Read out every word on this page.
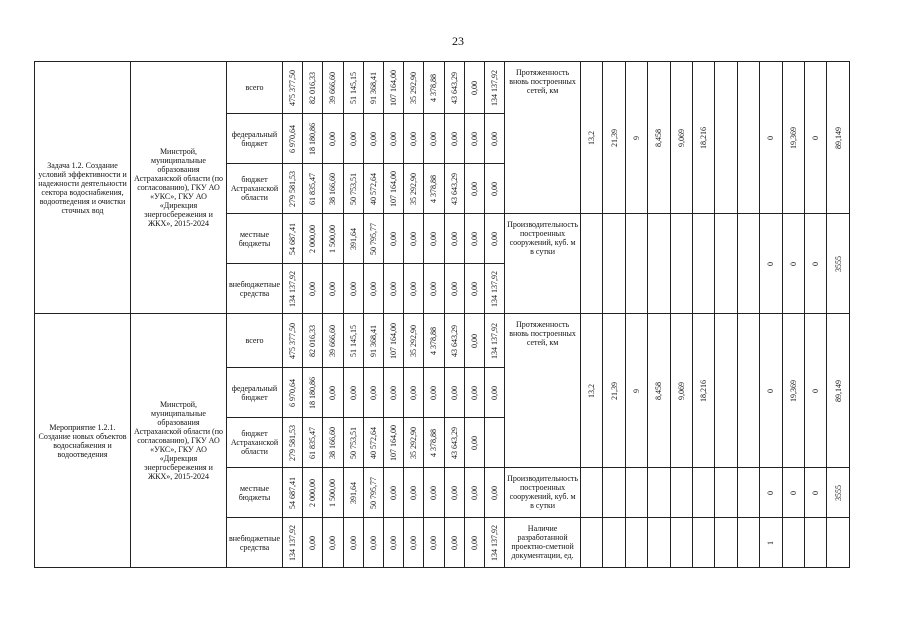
23
Задача 1.2. Создание условий эффективности и надежности деятельности сектора водоснабжения, водоотведения и очистки сточных вод	Минстрой, муниципальные образования Астраханской области (по согласованию), ГКУ АО «УКС», ГКУ АО «Дирекция энергосбережения и ЖКХ», 2015-2024	всего	475 377,50	82 016,33	39 666,60	51 145,15	91 368,41	107 164,00	35 292,90	4 378,88	43 643,29	0,00	134 137,92	Протяженность вновь построенных сетей, км	13,2	21,39	9	8,458	9,069	18,216			0	19,369	0	89,149

		федеральный бюджет	6 970,64	18 180,86	0,00	0,00	0,00	0,00	0,00	0,00	0,00	0,00	0,00													

		бюджет Астраханской области	279 581,53	61 835,47	38 166,60	50 753,51	40 572,64	107 164,00	35 292,90	4 378,88	43 643,29	0,00	0,00													

		местные бюджеты	54 687,41	2 000,00	1 500,00	391,64	50 795,77	0,00	0,00	0,00	0,00	0,00	0,00	Производительность построенных сооружений, куб. м в сутки									0	0	0	3555

		внебюджетные средства	134 137,92	0,00	0,00	0,00	0,00	0,00	0,00	0,00	0,00	0,00	134 137,92													

Мероприятие 1.2.1. Создание новых объектов водоснабжения и водоотведения	Минстрой, муниципальные образования Астраханской области (по согласованию), ГКУ АО «УКС», ГКУ АО «Дирекция энергосбережения и ЖКХ», 2015-2024	всего	475 377,50	82 016,33	39 666,60	51 145,15	91 368,41	107 164,00	35 292,90	4 378,88	43 643,29	0,00	134 137,92	Протяженность вновь построенных сетей, км	13,2	21,39	9	8,458	9,069	18,216			0	19,369	0	89,149

		федеральный бюджет	6 970,64	18 180,86	0,00	0,00	0,00	0,00	0,00	0,00	0,00	0,00	0,00													

		бюджет Астраханской области	279 581,53	61 835,47	38 166,60	50 753,51	40 572,64	107 164,00	35 292,90	4 378,88	43 643,29	0,00														

		местные бюджеты	54 687,41	2 000,00	1 500,00	391,64	50 795,77	0,00	0,00	0,00	0,00	0,00	0,00	Производительность построенных сооружений, куб. м в сутки									0	0	0	3555

		внебюджетные средства	134 137,92	0,00	0,00	0,00	0,00	0,00	0,00	0,00	0,00	0,00	134 137,92	Наличие разработанной проектно-сметной документации, ед.									1			
